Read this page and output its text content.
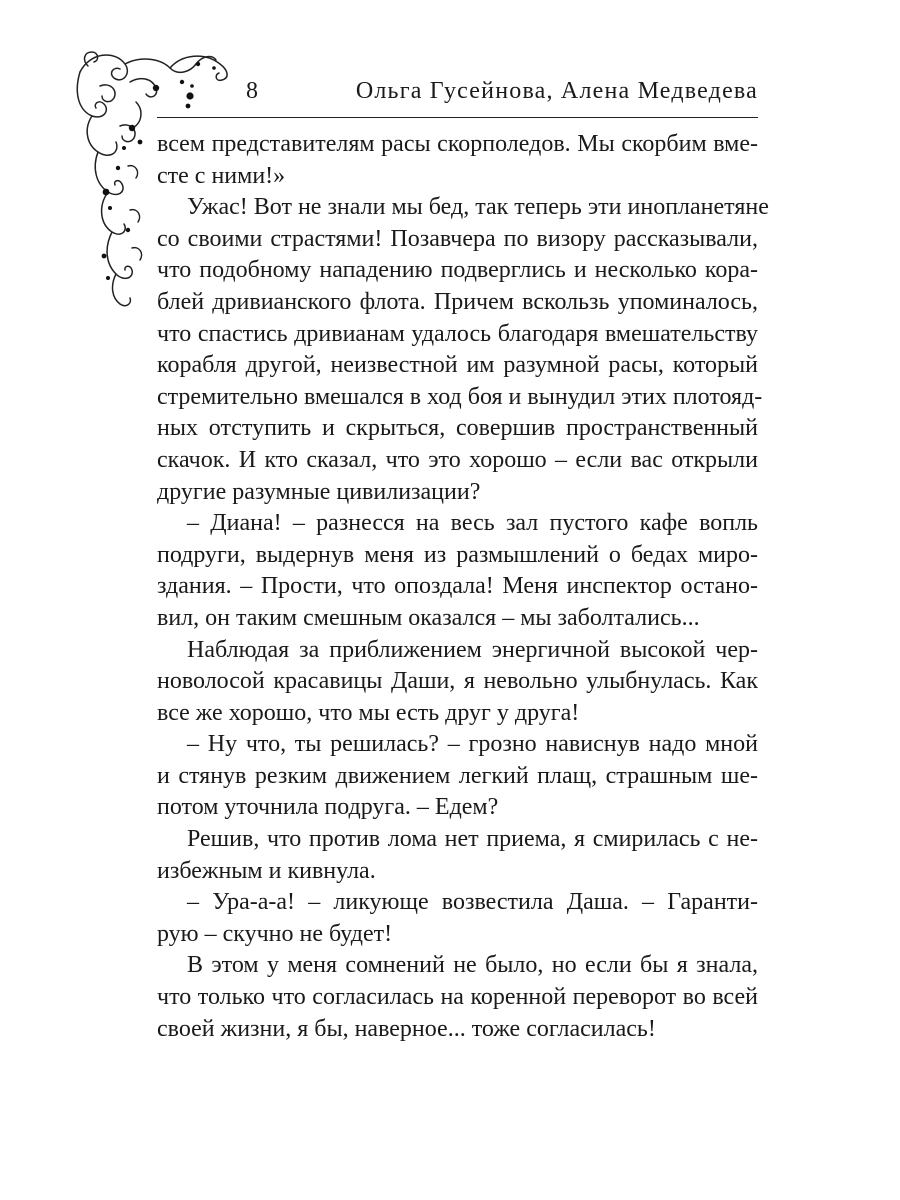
8	Ольга Гусейнова, Алена Медведева
всем представителям расы скорполедов. Мы скорбим вме-
сте с ними!»
Ужас! Вот не знали мы бед, так теперь эти инопланетяне
со своими страстями! Позавчера по визору рассказывали,
что подобному нападению подверглись и несколько кора-
блей дривианского флота. Причем вскользь упоминалось,
что спастись дривианам удалось благодаря вмешательству
корабля другой, неизвестной им разумной расы, который
стремительно вмешался в ход боя и вынудил этих плотояд-
ных отступить и скрыться, совершив пространственный
скачок. И кто сказал, что это хорошо – если вас открыли
другие разумные цивилизации?
– Диана! – разнесся на весь зал пустого кафе вопль
подруги, выдернув меня из размышлений о бедах миро-
здания. – Прости, что опоздала! Меня инспектор остано-
вил, он таким смешным оказался – мы заболтались...
Наблюдая за приближением энергичной высокой чер-
новолосой красавицы Даши, я невольно улыбнулась. Как
все же хорошо, что мы есть друг у друга!
– Ну что, ты решилась? – грозно нависнув надо мной
и стянув резким движением легкий плащ, страшным ше-
потом уточнила подруга. – Едем?
Решив, что против лома нет приема, я смирилась с не-
избежным и кивнула.
– Ура-а-а! – ликующе возвестила Даша. – Гаранти-
рую – скучно не будет!
В этом у меня сомнений не было, но если бы я знала,
что только что согласилась на коренной переворот во всей
своей жизни, я бы, наверное... тоже согласилась!
